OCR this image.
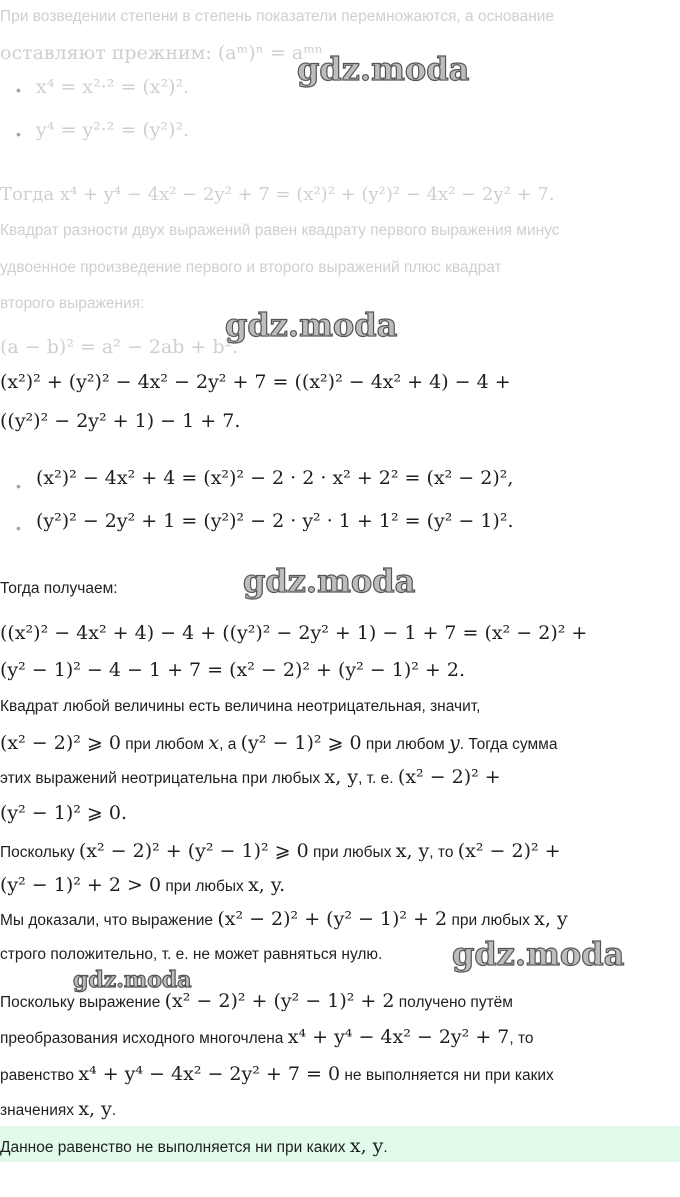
При возведении степени в степень показатели перемножаются, а основание
оставляют прежним: (aᵐ)ⁿ = aᵐⁿ
• x⁴ = x²·² = (x²)².
• y⁴ = y²·² = (y²)².
Тогда x⁴ + y⁴ − 4x² − 2y² + 7 = (x²)² + (y²)² − 4x² − 2y² + 7.
Квадрат разности двух выражений равен квадрату первого выражения минус
удвоенное произведение первого и второго выражений плюс квадрат
второго выражения:
(a − b)² = a² − 2ab + b².
(x²)² + (y²)² − 4x² − 2y² + 7 = ((x²)² − 4x² + 4) − 4 +
((y²)² − 2y² + 1) − 1 + 7.
• (x²)² − 4x² + 4 = (x²)² − 2 · 2 · x² + 2² = (x² − 2)²,
• (y²)² − 2y² + 1 = (y²)² − 2 · y² · 1 + 1² = (y² − 1)².
Тогда получаем:
((x²)² − 4x² + 4) − 4 + ((y²)² − 2y² + 1) − 1 + 7 = (x² − 2)² +
(y² − 1)² − 4 − 1 + 7 = (x² − 2)² + (y² − 1)² + 2.
Квадрат любой величины есть величина неотрицательная, значит,
(x² − 2)² ⩾ 0 при любом x, а (y² − 1)² ⩾ 0 при любом y. Тогда сумма
этих выражений неотрицательна при любых x, y, т. е. (x² − 2)² +
(y² − 1)² ⩾ 0.
Поскольку (x² − 2)² + (y² − 1)² ⩾ 0 при любых x, y, то (x² − 2)² +
(y² − 1)² + 2 > 0 при любых x, y.
Мы доказали, что выражение (x² − 2)² + (y² − 1)² + 2 при любых x, y
строго положительно, т. е. не может равняться нулю.
Поскольку выражение (x² − 2)² + (y² − 1)² + 2 получено путём
преобразования исходного многочлена x⁴ + y⁴ − 4x² − 2y² + 7, то
равенство x⁴ + y⁴ − 4x² − 2y² + 7 = 0 не выполняется ни при каких
значениях x, y.
Данное равенство не выполняется ни при каких x, y.
gdz.moda
gdz.moda
gdz.moda
gdz.moda
gdz.moda
